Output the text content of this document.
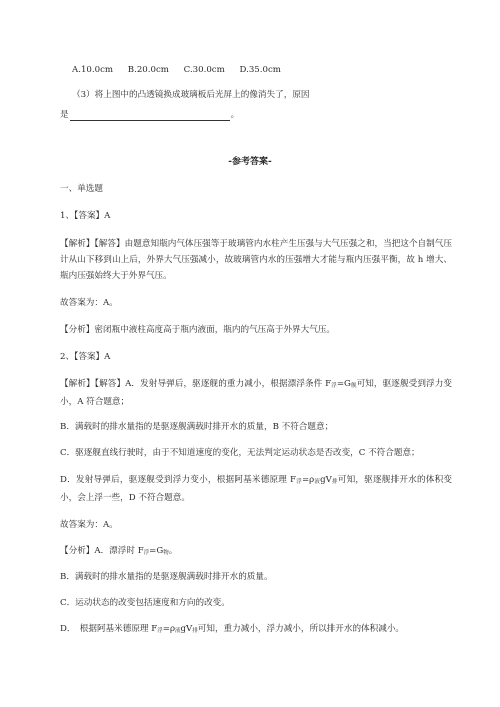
A.10.0cm B.20.0cm C.30.0cm D.35.0cm
（3）将上图中的凸透镜换成玻璃板后光屏上的像消失了，原因
是	。
-参考答案-
一、单选题
1、【答案】A
【解析】【解答】由题意知瓶内气体压强等于玻璃管内水柱产生压强与大气压强之和，当把这个自制气压计从山下移到山上后，外界大气压强减小，故玻璃管内水的压强增大才能与瓶内压强平衡，故 h 增大、瓶内压强始终大于外界气压。
故答案为：A。
【分析】密闭瓶中液柱高度高于瓶内液面，瓶内的气压高于外界大气压。
2、【答案】A
【解析】【解答】A．发射导弹后，驱逐舰的重力减小，根据漂浮条件 $F_浮=G_舰$可知，驱逐舰受到浮力变小，A 符合题意；
B．满载时的排水量指的是驱逐舰满载时排开水的质量，B 不符合题意；
C．驱逐舰直线行驶时，由于不知道速度的变化，无法判定运动状态是否改变，C 不符合题意；
D．发射导弹后，驱逐舰受到浮力变小，根据阿基米德原理 $F_浮=\rho_液gV_排$可知，驱逐舰排开水的体积变小，会上浮一些，D 不符合题意。
故答案为：A。
【分析】A．漂浮时 $F_浮=G_物$。
B．满载时的排水量指的是驱逐舰满载时排开水的质量。
C．运动状态的改变包括速度和方向的改变。
D．　根据阿基米德原理 $F_浮=\rho_液gV_排$可知，重力减小，浮力减小，所以排开水的体积减小。
